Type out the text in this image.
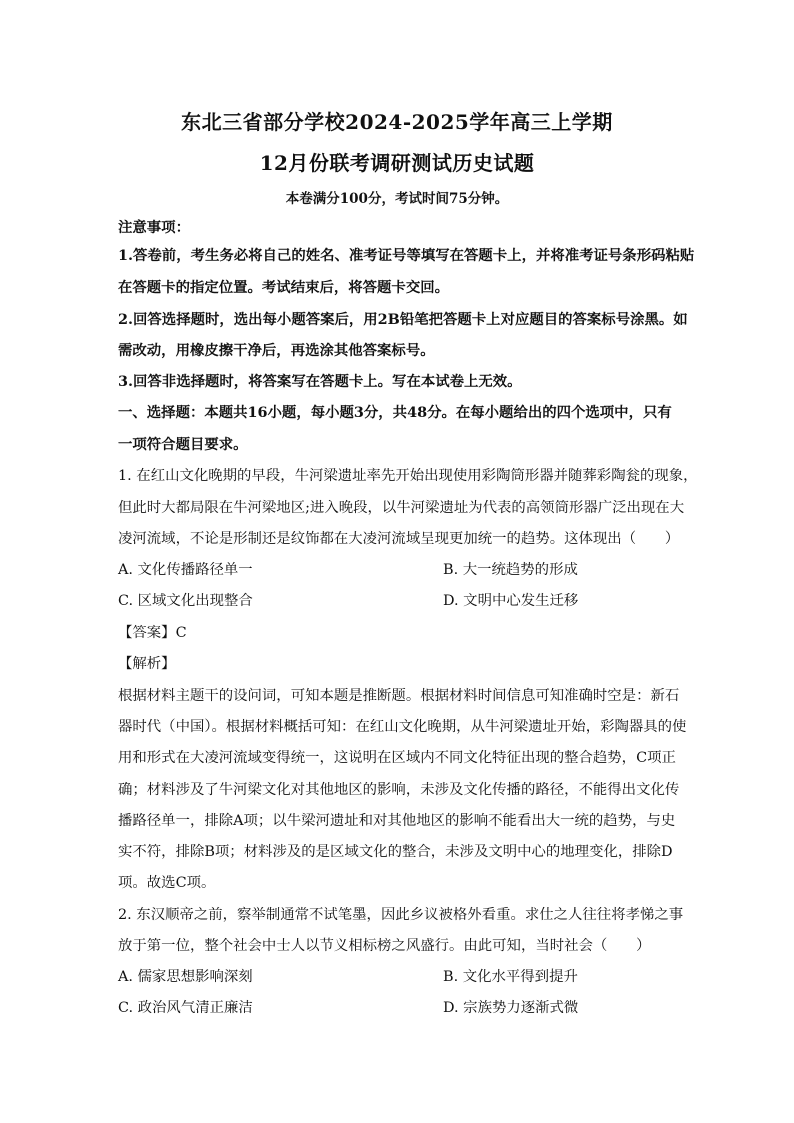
东北三省部分学校2024-2025学年高三上学期
12月份联考调研测试历史试题
本卷满分100分，考试时间75分钟。
注意事项：
1.答卷前，考生务必将自己的姓名、准考证号等填写在答题卡上，并将准考证号条形码粘贴
在答题卡的指定位置。考试结束后，将答题卡交回。
2.回答选择题时，选出每小题答案后，用2B铅笔把答题卡上对应题目的答案标号涂黑。如
需改动，用橡皮擦干净后，再选涂其他答案标号。
3.回答非选择题时，将答案写在答题卡上。写在本试卷上无效。
一、选择题：本题共16小题，每小题3分，共48分。在每小题给出的四个选项中，只有
一项符合题目要求。
1. 在红山文化晚期的早段，牛河梁遗址率先开始出现使用彩陶筒形器并随葬彩陶瓮的现象，
但此时大都局限在牛河梁地区;进入晚段，以牛河梁遗址为代表的高领筒形器广泛出现在大
凌河流域，不论是形制还是纹饰都在大凌河流域呈现更加统一的趋势。这体现出（　　）
A. 文化传播路径单一	B. 大一统趋势的形成
C. 区域文化出现整合	D. 文明中心发生迁移
【答案】C
【解析】
根据材料主题干的设问词，可知本题是推断题。根据材料时间信息可知准确时空是：新石
器时代（中国）。根据材料概括可知：在红山文化晚期，从牛河梁遗址开始，彩陶器具的使
用和形式在大凌河流域变得统一，这说明在区域内不同文化特征出现的整合趋势，C项正
确；材料涉及了牛河梁文化对其他地区的影响，未涉及文化传播的路径，不能得出文化传
播路径单一，排除A项；以牛梁河遗址和对其他地区的影响不能看出大一统的趋势，与史
实不符，排除B项；材料涉及的是区域文化的整合，未涉及文明中心的地理变化，排除D
项。故选C项。
2. 东汉顺帝之前，察举制通常不试笔墨，因此乡议被格外看重。求仕之人往往将孝悌之事
放于第一位，整个社会中士人以节义相标榜之风盛行。由此可知，当时社会（　　）
A. 儒家思想影响深刻	B. 文化水平得到提升
C. 政治风气清正廉洁	D. 宗族势力逐渐式微
